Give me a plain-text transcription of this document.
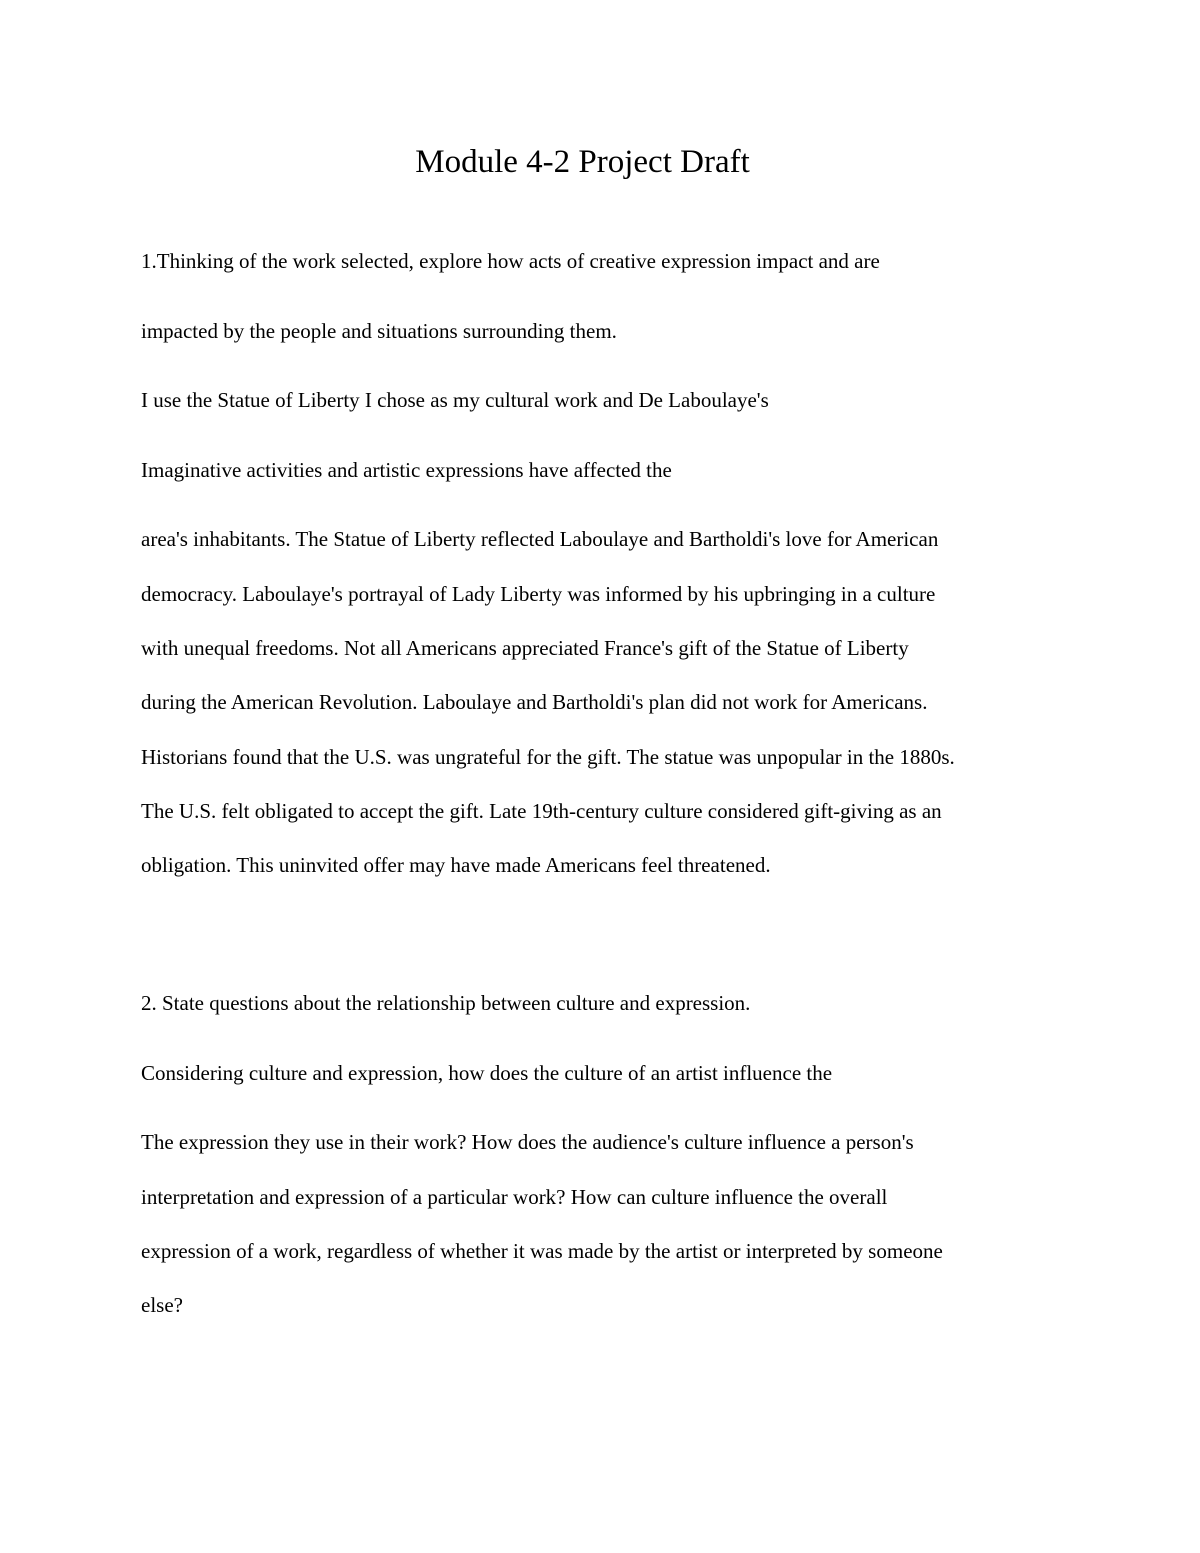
Module 4-2 Project Draft
1.Thinking of the work selected, explore how acts of creative expression impact and are
impacted by the people and situations surrounding them.
I use the Statue of Liberty I chose as my cultural work and De Laboulaye's
Imaginative activities and artistic expressions have affected the
area's inhabitants. The Statue of Liberty reflected Laboulaye and Bartholdi's love for American
democracy. Laboulaye's portrayal of Lady Liberty was informed by his upbringing in a culture
with unequal freedoms. Not all Americans appreciated France's gift of the Statue of Liberty
during the American Revolution. Laboulaye and Bartholdi's plan did not work for Americans.
Historians found that the U.S. was ungrateful for the gift. The statue was unpopular in the 1880s.
The U.S. felt obligated to accept the gift. Late 19th-century culture considered gift-giving as an
obligation. This uninvited offer may have made Americans feel threatened.
2. State questions about the relationship between culture and expression.
Considering culture and expression, how does the culture of an artist influence the
The expression they use in their work? How does the audience's culture influence a person's
interpretation and expression of a particular work? How can culture influence the overall
expression of a work, regardless of whether it was made by the artist or interpreted by someone
else?
